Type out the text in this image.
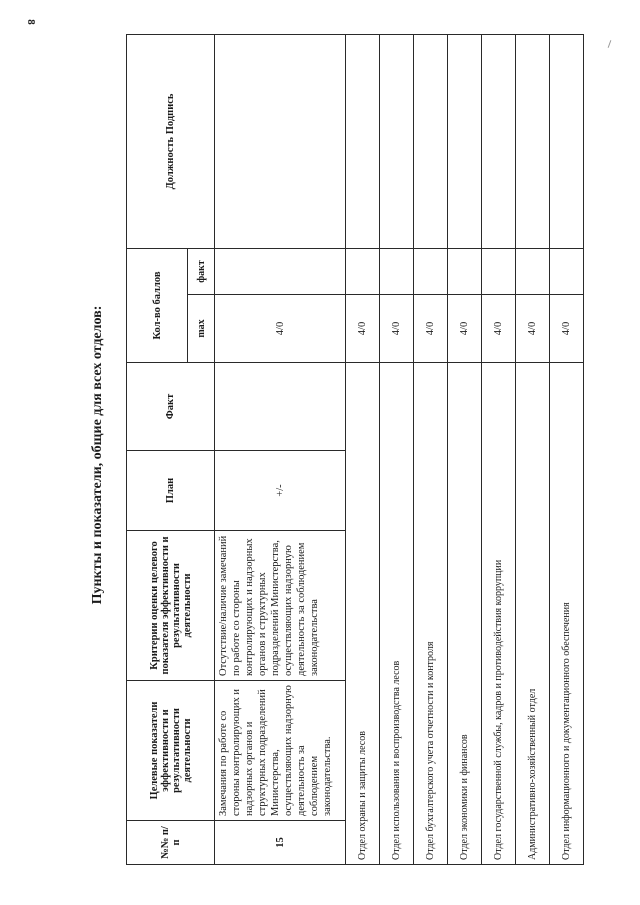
8
Пункты и показатели, общие для всех отделов:
№№ п/п	Целевые показатели эффективности и результативности деятельности	Критерии оценки целевого показателя эффективности и результативности деятельности	План	Факт	Кол-во баллов		Должность Подпись
					max	факт	
15	Замечания по работе со стороны контролирующих и надзорных органов и структурных подразделений Министерства, осуществляющих надзорную деятельность за соблюдением законодательства.	Отсутствие/наличие замечаний по работе со стороны контролирующих и надзорных органов и структурных подразделений Министерства, осуществляющих надзорную деятельность за соблюдением законодательства	+/-		4/0		
Отдел охраны и защиты лесов					4/0		
Отдел использования и воспроизводства лесов					4/0		
Отдел бухгалтерского учета отчетности и контроля					4/0		
Отдел экономики и финансов					4/0		
Отдел государственной службы, кадров и противодействия коррупции					4/0		
Административно-хозяйственный отдел					4/0		
Отдел информационного и документационного обеспечения					4/0		
